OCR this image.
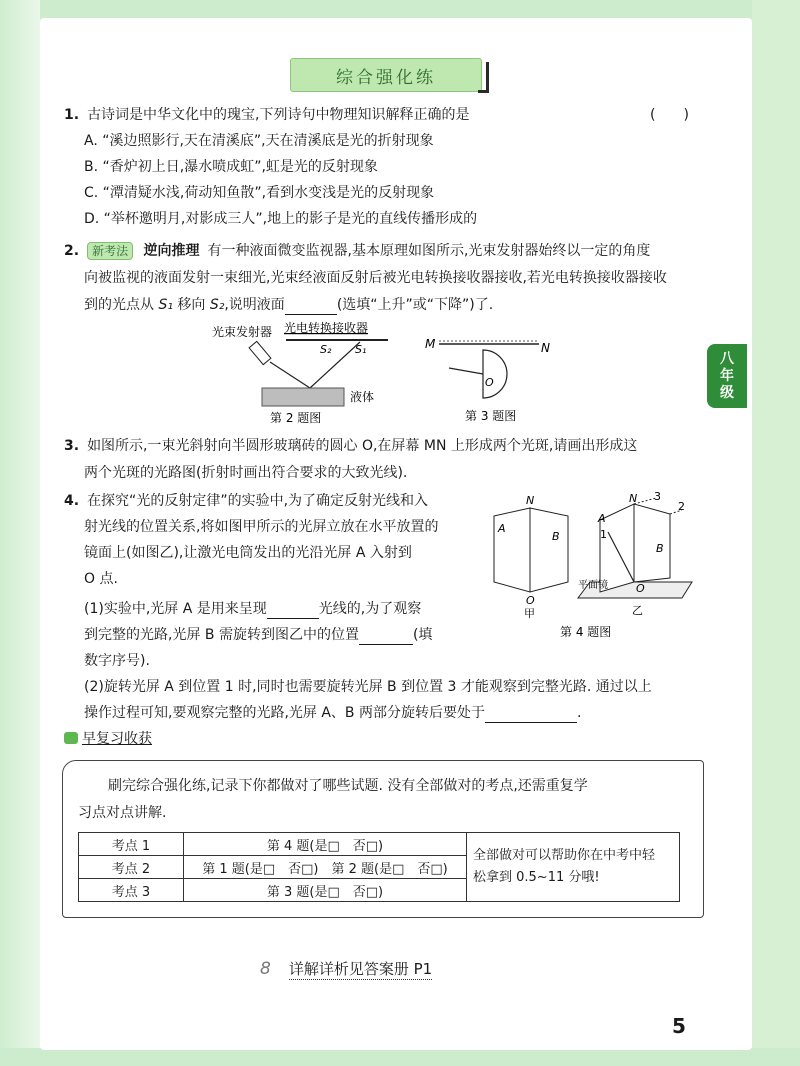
综合强化练
八
年
级
1. 古诗词是中华文化中的瑰宝,下列诗句中物理知识解释正确的是	(　　)
A. “溪边照影行,天在清溪底”,天在清溪底是光的折射现象
B. “香炉初上日,瀑水喷成虹”,虹是光的反射现象
C. “潭清疑水浅,荷动知鱼散”,看到水变浅是光的反射现象
D. “举杯邀明月,对影成三人”,地上的影子是光的直线传播形成的
2. 新考法 逆向推理 有一种液面微变监视器,基本原理如图所示,光束发射器始终以一定的角度
向被监视的液面发射一束细光,光束经液面反射后被光电转换接收器接收,若光电转换接收器接收
到的光点从 S₁ 移向 S₂,说明液面	(选填“上升”或“下降”)了.
光束发射器 光电转换接收器
S₂ S₁
液体
第 2 题图
M	N
O
第 3 题图
3. 如图所示,一束光斜射向半圆形玻璃砖的圆心 O,在屏幕 MN 上形成两个光斑,请画出形成这
两个光斑的光路图(折射时画出符合要求的大致光线).
4. 在探究“光的反射定律”的实验中,为了确定反射光线和入
射光线的位置关系,将如图甲所示的光屏立放在水平放置的
镜面上(如图乙),让激光电筒发出的光沿光屏 A 入射到
O 点.
(1)实验中,光屏 A 是用来呈现	光线的,为了观察
到完整的光路,光屏 B 需旋转到图乙中的位置	(填
数字序号).
(2)旋转光屏 A 到位置 1 时,同时也需要旋转光屏 B 到位置 3 才能观察到完整光路. 通过以上
操作过程可知,要观察完整的光路,光屏 A、B 两部分旋转后要处于	.
N
A
B
O
甲
N 3
2
A
1
B
O
平面镜
乙
第 4 题图
早复习收获
刷完综合强化练,记录下你都做对了哪些试题. 没有全部做对的考点,还需重复学
习点对点讲解.
考点 1	第 4 题(是□　否□)	全部做对可以帮助你在中考中轻
松拿到 0.5~11 分哦!

考点 2	第 1 题(是□　否□)　第 2 题(是□　否□)	
考点 3	第 3 题(是□　否□)	
8 详解详析见答案册 P1
5
